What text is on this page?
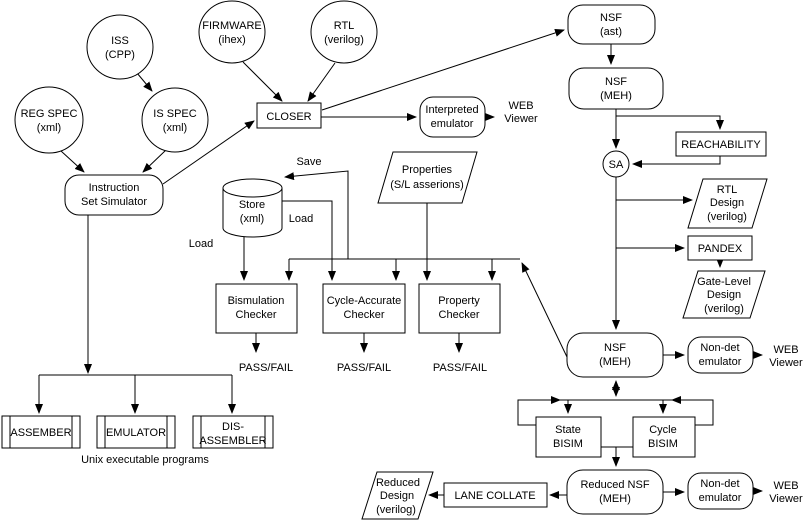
ISS
(CPP)
FIRMWARE
(ihex)
RTL
(verilog)
REG SPEC
(xml)
IS SPEC
(xml)
Instruction
Set Simulator
CLOSER
Interpreted
emulator
WEB
Viewer
NSF
(ast)
NSF
(MEH)
SA
REACHABILITY
RTL
Design
(verilog)
PANDEX
Gate-Level
Design
(verilog)
Store
(xml)
Properties
(S/L asserions)
Bismulation
Checker
Cycle-Accurate
Checker
Property
Checker
NSF
(MEH)
Non-det
emulator
WEB
Viewer
State
BISIM
Cycle
BISIM
Reduced NSF
(MEH)
Non-det
emulator
WEB
Viewer
LANE COLLATE
Reduced
Design
(verilog)
ASSEMBER	EMULATOR	DIS-
ASSEMBLER
Save
Load
Load
PASS/FAIL	PASS/FAIL	PASS/FAIL
Unix executable programs
